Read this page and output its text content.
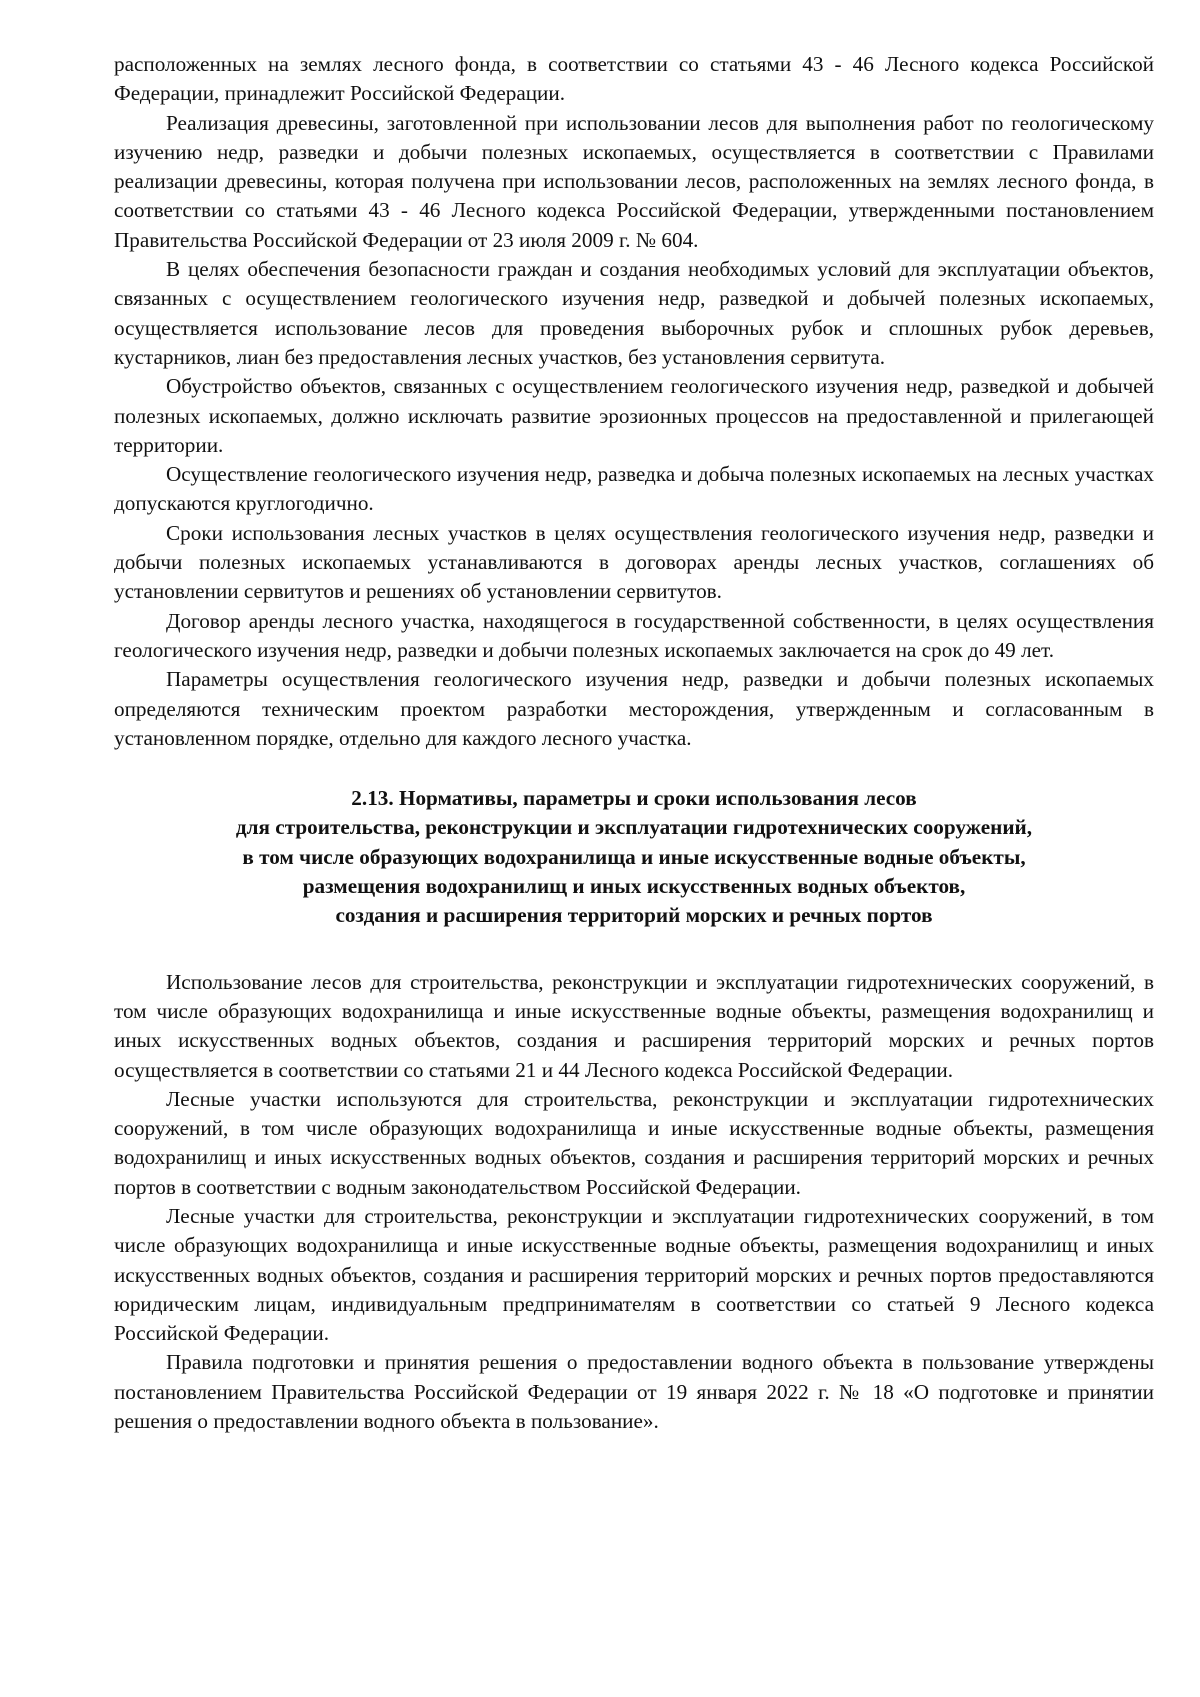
расположенных на землях лесного фонда, в соответствии со статьями 43 - 46 Лесного кодекса Российской Федерации, принадлежит Российской Федерации.

Реализация древесины, заготовленной при использовании лесов для выполнения работ по геологическому изучению недр, разведки и добычи полезных ископаемых, осуществляется в соответствии с Правилами реализации древесины, которая получена при использовании лесов, расположенных на землях лесного фонда, в соответствии со статьями 43 - 46 Лесного кодекса Российской Федерации, утвержденными постановлением Правительства Российской Федерации от 23 июля 2009 г. № 604.

В целях обеспечения безопасности граждан и создания необходимых условий для эксплуатации объектов, связанных с осуществлением геологического изучения недр, разведкой и добычей полезных ископаемых, осуществляется использование лесов для проведения выборочных рубок и сплошных рубок деревьев, кустарников, лиан без предоставления лесных участков, без установления сервитута.

Обустройство объектов, связанных с осуществлением геологического изучения недр, разведкой и добычей полезных ископаемых, должно исключать развитие эрозионных процессов на предоставленной и прилегающей территории.

Осуществление геологического изучения недр, разведка и добыча полезных ископаемых на лесных участках допускаются круглогодично.

Сроки использования лесных участков в целях осуществления геологического изучения недр, разведки и добычи полезных ископаемых устанавливаются в договорах аренды лесных участков, соглашениях об установлении сервитутов и решениях об установлении сервитутов.

Договор аренды лесного участка, находящегося в государственной собственности, в целях осуществления геологического изучения недр, разведки и добычи полезных ископаемых заключается на срок до 49 лет.

Параметры осуществления геологического изучения недр, разведки и добычи полезных ископаемых определяются техническим проектом разработки месторождения, утвержденным и согласованным в установленном порядке, отдельно для каждого лесного участка.

2.13. Нормативы, параметры и сроки использования лесов
для строительства, реконструкции и эксплуатации гидротехнических сооружений,
в том числе образующих водохранилища и иные искусственные водные объекты,
размещения водохранилищ и иных искусственных водных объектов,
создания и расширения территорий морских и речных портов

Использование лесов для строительства, реконструкции и эксплуатации гидротехнических сооружений, в том числе образующих водохранилища и иные искусственные водные объекты, размещения водохранилищ и иных искусственных водных объектов, создания и расширения территорий морских и речных портов осуществляется в соответствии со статьями 21 и 44 Лесного кодекса Российской Федерации.

Лесные участки используются для строительства, реконструкции и эксплуатации гидротехнических сооружений, в том числе образующих водохранилища и иные искусственные водные объекты, размещения водохранилищ и иных искусственных водных объектов, создания и расширения территорий морских и речных портов в соответствии с водным законодательством Российской Федерации.

Лесные участки для строительства, реконструкции и эксплуатации гидротехнических сооружений, в том числе образующих водохранилища и иные искусственные водные объекты, размещения водохранилищ и иных искусственных водных объектов, создания и расширения территорий морских и речных портов предоставляются юридическим лицам, индивидуальным предпринимателям в соответствии со статьей 9 Лесного кодекса Российской Федерации.

Правила подготовки и принятия решения о предоставлении водного объекта в пользование утверждены постановлением Правительства Российской Федерации от 19 января 2022 г. № 18 «О подготовке и принятии решения о предоставлении водного объекта в пользование».
